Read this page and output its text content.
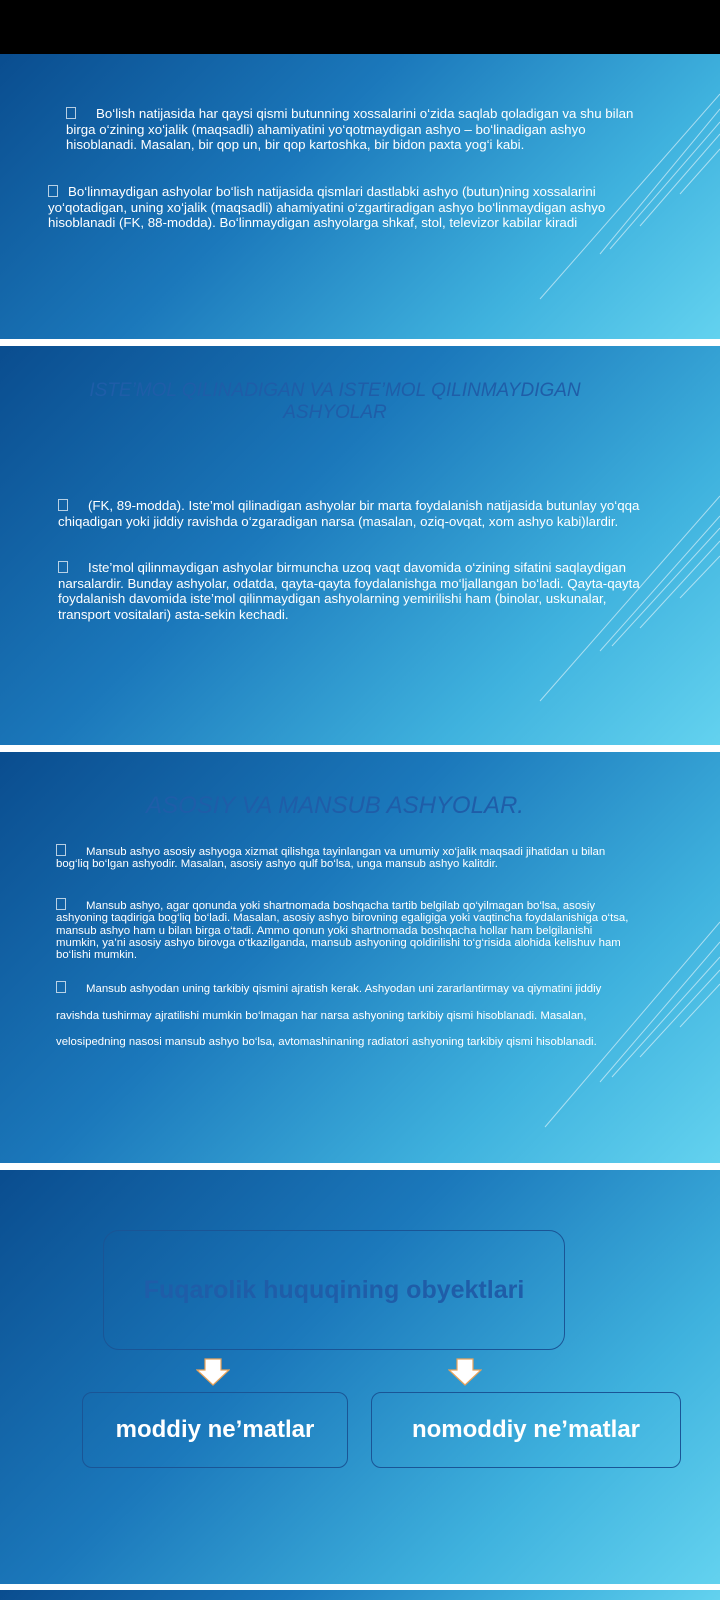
Bo‘lish natijasida har qaysi qismi butunning xossalarini o‘zida saqlab qoladigan va shu bilan birga o‘zining xo‘jalik (maqsadli) ahamiyatini yo‘qotmaydigan ashyo – bo‘linadigan ashyo hisoblanadi. Masalan, bir qop un, bir qop kartoshka, bir bidon paxta yog‘i kabi.

Bo‘linmaydigan ashyolar bo‘lish natijasida qismlari dastlabki ashyo (butun)ning xossalarini yo‘qotadigan, uning xo‘jalik (maqsadli) ahamiyatini o‘zgartiradigan ashyo bo‘linmaydigan ashyo hisoblanadi (FK, 88-modda). Bo‘linmaydigan ashyolarga shkaf, stol, televizor kabilar kiradi

ISTE’MOL QILINADIGAN VA ISTE’MOL QILINMAYDIGAN
ASHYOLAR

(FK, 89-modda). Iste’mol qilinadigan ashyolar bir marta foydalanish natijasida butunlay yo‘qqa chiqadigan yoki jiddiy ravishda o‘zgaradigan narsa (masalan, oziq-ovqat, xom ashyo kabi)lardir.

Iste’mol qilinmaydigan ashyolar birmuncha uzoq vaqt davomida o‘zining sifatini saqlaydigan narsalardir. Bunday ashyolar, odatda, qayta-qayta foydalanishga mo‘ljallangan bo‘ladi. Qayta-qayta foydalanish davomida iste’mol qilinmaydigan ashyolarning yemirilishi ham (binolar, uskunalar, transport vositalari) asta-sekin kechadi.

ASOSIY VA MANSUB ASHYOLAR.

Mansub ashyo asosiy ashyoga xizmat qilishga tayinlangan va umumiy xo‘jalik maqsadi jihatidan u bilan bog‘liq bo‘lgan ashyodir. Masalan, asosiy ashyo qulf bo‘lsa, unga mansub ashyo kalitdir.

Mansub ashyo, agar qonunda yoki shartnomada boshqacha tartib belgilab qo‘yilmagan bo‘lsa, asosiy ashyoning taqdiriga bog‘liq bo‘ladi. Masalan, asosiy ashyo birovning egaligiga yoki vaqtincha foydalanishiga o‘tsa, mansub ashyo ham u bilan birga o‘tadi. Ammo qonun yoki shartnomada boshqacha hollar ham belgilanishi mumkin, ya’ni asosiy ashyo birovga o‘tkazilganda, mansub ashyoning qoldirilishi to‘g‘risida alohida kelishuv ham bo‘lishi mumkin.

Mansub ashyodan uning tarkibiy qismini ajratish kerak. Ashyodan uni zararlantirmay va qiymatini jiddiy ravishda tushirmay ajratilishi mumkin bo‘lmagan har narsa ashyoning tarkibiy qismi hisoblanadi. Masalan, velosipedning nasosi mansub ashyo bo‘lsa, avtomashinaning radiatori ashyoning tarkibiy qismi hisoblanadi.

Fuqarolik huquqining obyektlari
moddiy ne’matlar	nomoddiy ne’matlar
